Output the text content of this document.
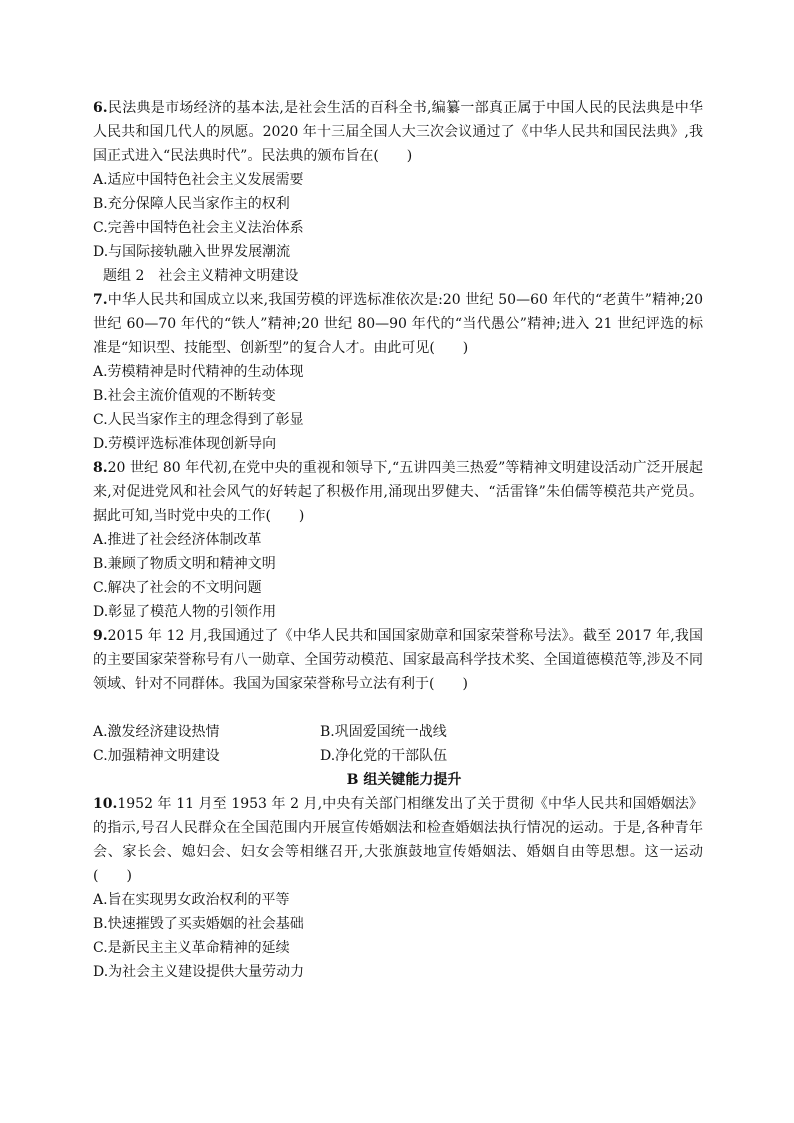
6.民法典是市场经济的基本法,是社会生活的百科全书,编纂一部真正属于中国人民的民法典是中华人民共和国几代人的夙愿。2020 年十三届全国人大三次会议通过了《中华人民共和国民法典》,我国正式进入“民法典时代”。民法典的颁布旨在(　　)

A.适应中国特色社会主义发展需要

B.充分保障人民当家作主的权利

C.完善中国特色社会主义法治体系

D.与国际接轨融入世界发展潮流

题组 2　社会主义精神文明建设

7.中华人民共和国成立以来,我国劳模的评选标准依次是:20 世纪 50—60 年代的“老黄牛”精神;20 世纪 60—70 年代的“铁人”精神;20 世纪 80—90 年代的“当代愚公”精神;进入 21 世纪评选的标准是“知识型、技能型、创新型”的复合人才。由此可见(　　)

A.劳模精神是时代精神的生动体现

B.社会主流价值观的不断转变

C.人民当家作主的理念得到了彰显

D.劳模评选标准体现创新导向

8.20 世纪 80 年代初,在党中央的重视和领导下,“五讲四美三热爱”等精神文明建设活动广泛开展起来,对促进党风和社会风气的好转起了积极作用,涌现出罗健夫、“活雷锋”朱伯儒等模范共产党员。据此可知,当时党中央的工作(　　)

A.推进了社会经济体制改革

B.兼顾了物质文明和精神文明

C.解决了社会的不文明问题

D.彰显了模范人物的引领作用

9.2015 年 12 月,我国通过了《中华人民共和国国家勋章和国家荣誉称号法》。截至 2017 年,我国的主要国家荣誉称号有八一勋章、全国劳动模范、国家最高科学技术奖、全国道德模范等,涉及不同领域、针对不同群体。我国为国家荣誉称号立法有利于(　　)

A.激发经济建设热情	B.巩固爱国统一战线

C.加强精神文明建设	D.净化党的干部队伍

B 组关键能力提升

10.1952 年 11 月至 1953 年 2 月,中央有关部门相继发出了关于贯彻《中华人民共和国婚姻法》的指示,号召人民群众在全国范围内开展宣传婚姻法和检查婚姻法执行情况的运动。于是,各种青年会、家长会、媳妇会、妇女会等相继召开,大张旗鼓地宣传婚姻法、婚姻自由等思想。这一运动(　　)

A.旨在实现男女政治权利的平等

B.快速摧毁了买卖婚姻的社会基础

C.是新民主主义革命精神的延续

D.为社会主义建设提供大量劳动力
